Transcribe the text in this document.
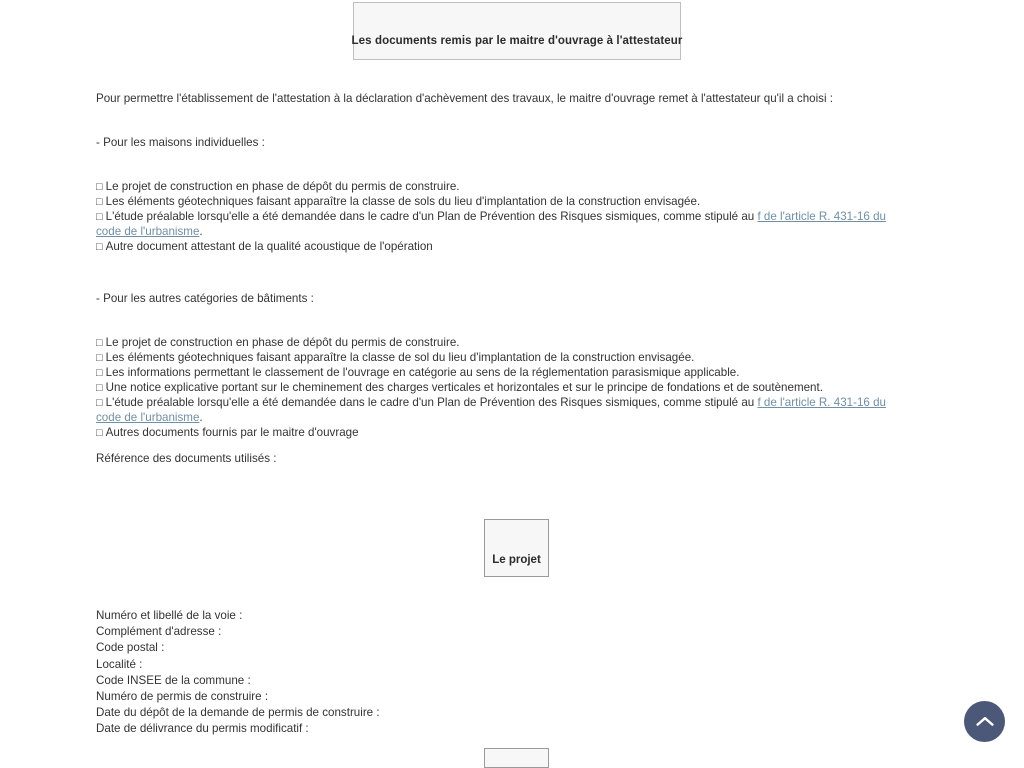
Les documents remis par le maitre d'ouvrage à l'attestateur

Pour permettre l'établissement de l'attestation à la déclaration d'achèvement des travaux, le maitre d'ouvrage remet à l'attestateur qu'il a choisi :

- Pour les maisons individuelles :

□ Le projet de construction en phase de dépôt du permis de construire.
□ Les éléments géotechniques faisant apparaître la classe de sols du lieu d'implantation de la construction envisagée.
□ L'étude préalable lorsqu'elle a été demandée dans le cadre d'un Plan de Prévention des Risques sismiques, comme stipulé au f de l'article R. 431-16 du code de l'urbanisme.
□ Autre document attestant de la qualité acoustique de l'opération

- Pour les autres catégories de bâtiments :

□ Le projet de construction en phase de dépôt du permis de construire.
□ Les éléments géotechniques faisant apparaître la classe de sol du lieu d'implantation de la construction envisagée.
□ Les informations permettant le classement de l'ouvrage en catégorie au sens de la réglementation parasismique applicable.
□ Une notice explicative portant sur le cheminement des charges verticales et horizontales et sur le principe de fondations et de soutènement.
□ L'étude préalable lorsqu'elle a été demandée dans le cadre d'un Plan de Prévention des Risques sismiques, comme stipulé au f de l'article R. 431-16 du code de l'urbanisme.
□ Autres documents fournis par le maitre d'ouvrage

Référence des documents utilisés :

Le projet
Numéro et libellé de la voie :
Complément d'adresse :
Code postal :
Localité :
Code INSEE de la commune :
Numéro de permis de construire :
Date du dépôt de la demande de permis de construire :
Date de délivrance du permis modificatif :
